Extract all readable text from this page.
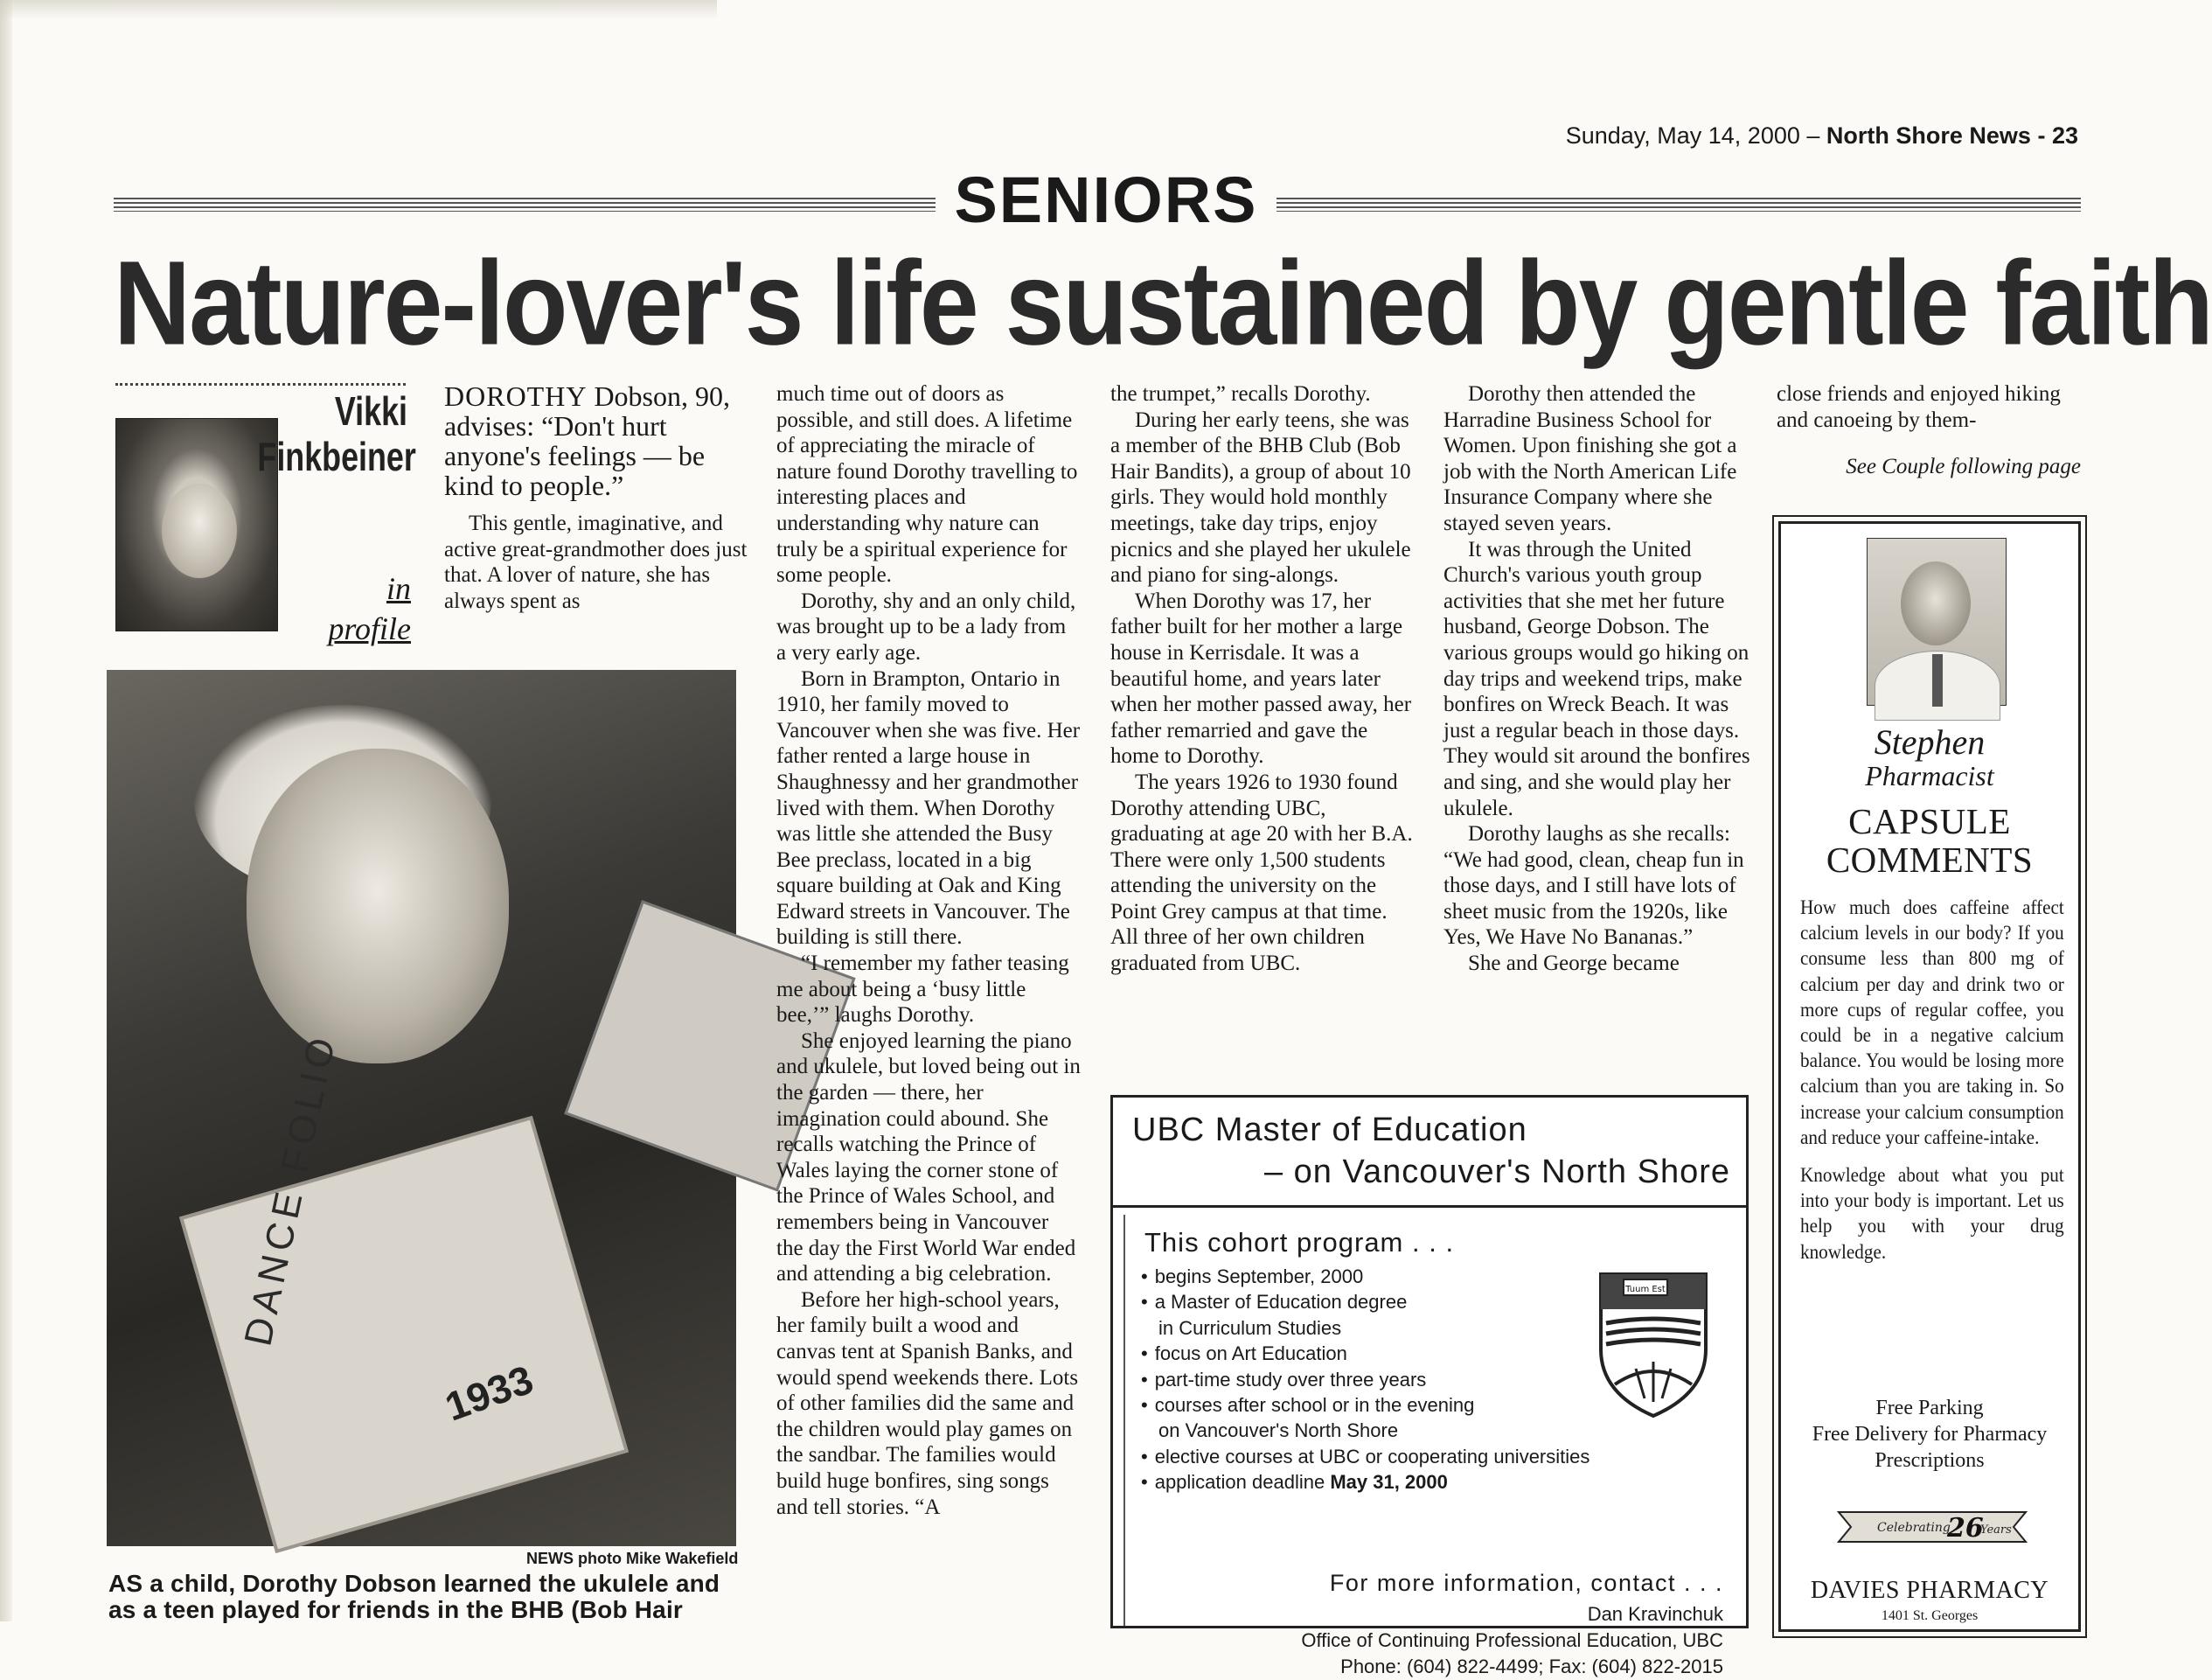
Sunday, May 14, 2000 – North Shore News - 23
SENIORS
Nature-lover's life sustained by gentle faith
Vikki
Finkbeiner
in
profile
DANCE FOLIO
1933
NEWS photo Mike Wakefield
AS a child, Dorothy Dobson learned the ukulele and as a teen played for friends in the BHB (Bob Hair
DOROTHY Dobson, 90, advises: “Don't hurt anyone's feelings — be kind to people.”

This gentle, imaginative, and active great-grandmother does just that. A lover of nature, she has always spent as

much time out of doors as possible, and still does. A lifetime of appreciating the miracle of nature found Dorothy travelling to interesting places and understanding why nature can truly be a spiritual experience for some people.

Dorothy, shy and an only child, was brought up to be a lady from a very early age.

Born in Brampton, Ontario in 1910, her family moved to Vancouver when she was five. Her father rented a large house in Shaughnessy and her grandmother lived with them. When Dorothy was little she attended the Busy Bee preclass, located in a big square building at Oak and King Edward streets in Vancouver. The building is still there.

“I remember my father teasing me about being a ‘busy little bee,’” laughs Dorothy.

She enjoyed learning the piano and ukulele, but loved being out in the garden — there, her imagination could abound. She recalls watching the Prince of Wales laying the corner stone of the Prince of Wales School, and remembers being in Vancouver the day the First World War ended and attending a big celebration.

Before her high-school years, her family built a wood and canvas tent at Spanish Banks, and would spend weekends there. Lots of other families did the same and the children would play games on the sandbar. The families would build huge bonfires, sing songs and tell stories. “A

the trumpet,” recalls Dorothy.

During her early teens, she was a member of the BHB Club (Bob Hair Bandits), a group of about 10 girls. They would hold monthly meetings, take day trips, enjoy picnics and she played her ukulele and piano for sing-alongs.

When Dorothy was 17, her father built for her mother a large house in Kerrisdale. It was a beautiful home, and years later when her mother passed away, her father remarried and gave the home to Dorothy.

The years 1926 to 1930 found Dorothy attending UBC, graduating at age 20 with her B.A. There were only 1,500 students attending the university on the Point Grey campus at that time. All three of her own children graduated from UBC.

Dorothy then attended the Harradine Business School for Women. Upon finishing she got a job with the North American Life Insurance Company where she stayed seven years.

It was through the United Church's various youth group activities that she met her future husband, George Dobson. The various groups would go hiking on day trips and weekend trips, make bonfires on Wreck Beach. It was just a regular beach in those days. They would sit around the bonfires and sing, and she would play her ukulele.

Dorothy laughs as she recalls: “We had good, clean, cheap fun in those days, and I still have lots of sheet music from the 1920s, like Yes, We Have No Bananas.”

She and George became

close friends and enjoyed hiking and canoeing by them-

See Couple following page

UBC Master of Education
– on Vancouver's North Shore
This cohort program . . .
• begins September, 2000
• a Master of Education degree
in Curriculum Studies
• focus on Art Education
• part-time study over three years
• courses after school or in the evening
on Vancouver's North Shore
• elective courses at UBC or cooperating universities
• application deadline May 31, 2000
Tuum Est
For more information, contact . . .
Dan Kravinchuk
Office of Continuing Professional Education, UBC
Phone: (604) 822-4499; Fax: (604) 822-2015
Stephen
Pharmacist
CAPSULE
COMMENTS

How much does caffeine affect calcium levels in our body? If you consume less than 800 mg of calcium per day and drink two or more cups of regular coffee, you could be in a negative calcium balance. You would be losing more calcium than you are taking in. So increase your calcium consumption and reduce your caffeine-intake.

Knowledge about what you put into your body is important. Let us help you with your drug knowledge.

Free Parking
Free Delivery for Pharmacy
Prescriptions
Celebrating
26
Years
DAVIES PHARMACY
1401 St. Georges
